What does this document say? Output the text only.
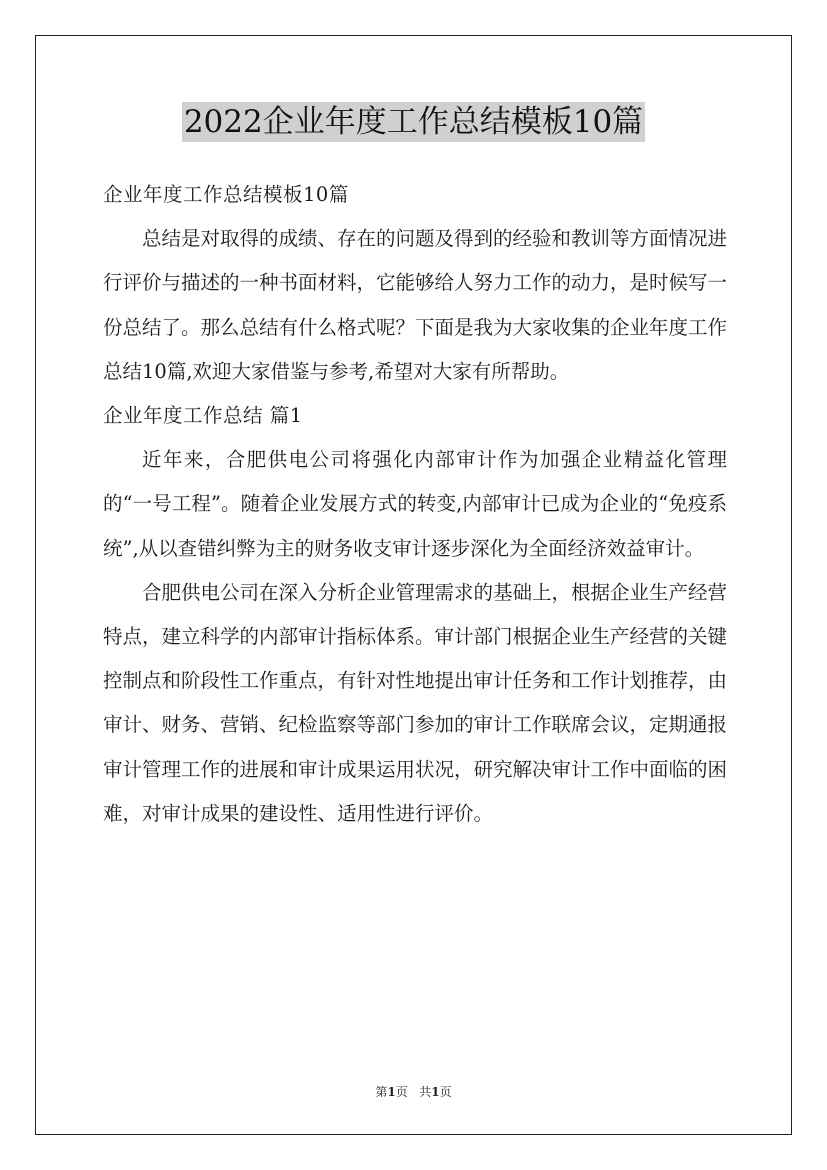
2022企业年度工作总结模板10篇

企业年度工作总结模板10篇

总结是对取得的成绩、存在的问题及得到的经验和教训等方面情况进行评价与描述的一种书面材料，它能够给人努力工作的动力，是时候写一份总结了。那么总结有什么格式呢？下面是我为大家收集的企业年度工作总结10篇,欢迎大家借鉴与参考,希望对大家有所帮助。

企业年度工作总结 篇1

近年来，合肥供电公司将强化内部审计作为加强企业精益化管理的“一号工程”。随着企业发展方式的转变,内部审计已成为企业的“免疫系统”,从以查错纠弊为主的财务收支审计逐步深化为全面经济效益审计。

合肥供电公司在深入分析企业管理需求的基础上，根据企业生产经营特点，建立科学的内部审计指标体系。审计部门根据企业生产经营的关键控制点和阶段性工作重点，有针对性地提出审计任务和工作计划推荐，由审计、财务、营销、纪检监察等部门参加的审计工作联席会议，定期通报审计管理工作的进展和审计成果运用状况，研究解决审计工作中面临的困难，对审计成果的建设性、适用性进行评价。

第1页 共1页
